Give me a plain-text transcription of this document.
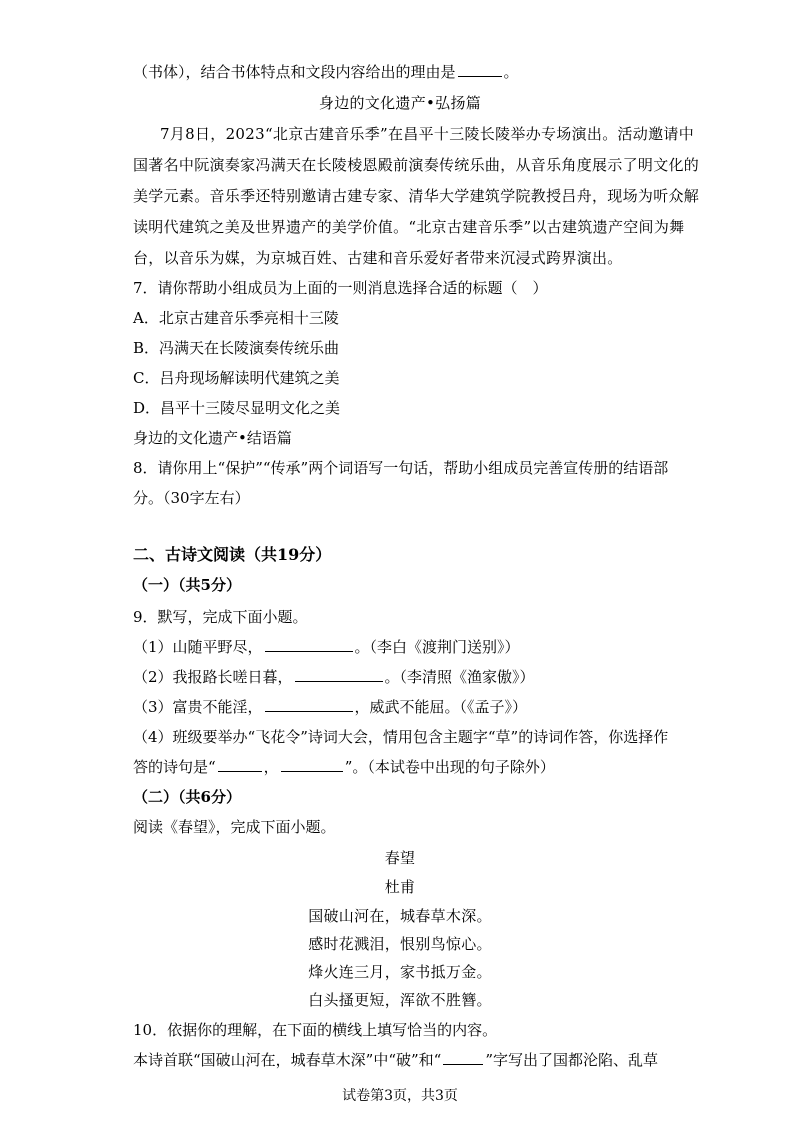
（书体），结合书体特点和文段内容给出的理由是	。
身边的文化遗产•弘扬篇
7月8日，2023“北京古建音乐季”在昌平十三陵长陵举办专场演出。活动邀请中
国著名中阮演奏家冯满天在长陵棱恩殿前演奏传统乐曲，从音乐角度展示了明文化的
美学元素。音乐季还特别邀请古建专家、清华大学建筑学院教授吕舟，现场为听众解
读明代建筑之美及世界遗产的美学价值。“北京古建音乐季”以古建筑遗产空间为舞
台，以音乐为媒，为京城百姓、古建和音乐爱好者带来沉浸式跨界演出。
7．请你帮助小组成员为上面的一则消息选择合适的标题（　）
A．北京古建音乐季亮相十三陵
B．冯满天在长陵演奏传统乐曲
C．吕舟现场解读明代建筑之美
D．昌平十三陵尽显明文化之美
身边的文化遗产•结语篇
8．请你用上“保护”“传承”两个词语写一句话，帮助小组成员完善宣传册的结语部
分。（30字左右）
二、古诗文阅读（共19分）
（一）（共5分）
9．默写，完成下面小题。
（1）山随平野尽，	。（李白《渡荆门送别》）
（2）我报路长嗟日暮，	。（李清照《渔家傲》）
（3）富贵不能淫，	，威武不能屈。（《孟子》）
（4）班级要举办“飞花令”诗词大会，情用包含主题字“草”的诗词作答，你选择作
答的诗句是“	，	”。（本试卷中出现的句子除外）
（二）（共6分）
阅读《春望》，完成下面小题。
春望
杜甫
国破山河在，城春草木深。
感时花溅泪，恨别鸟惊心。
烽火连三月，家书抵万金。
白头搔更短，浑欲不胜簪。
10．依据你的理解，在下面的横线上填写恰当的内容。
本诗首联“国破山河在，城春草木深”中“破”和“	”字写出了国都沦陷、乱草
试卷第3页，共3页
